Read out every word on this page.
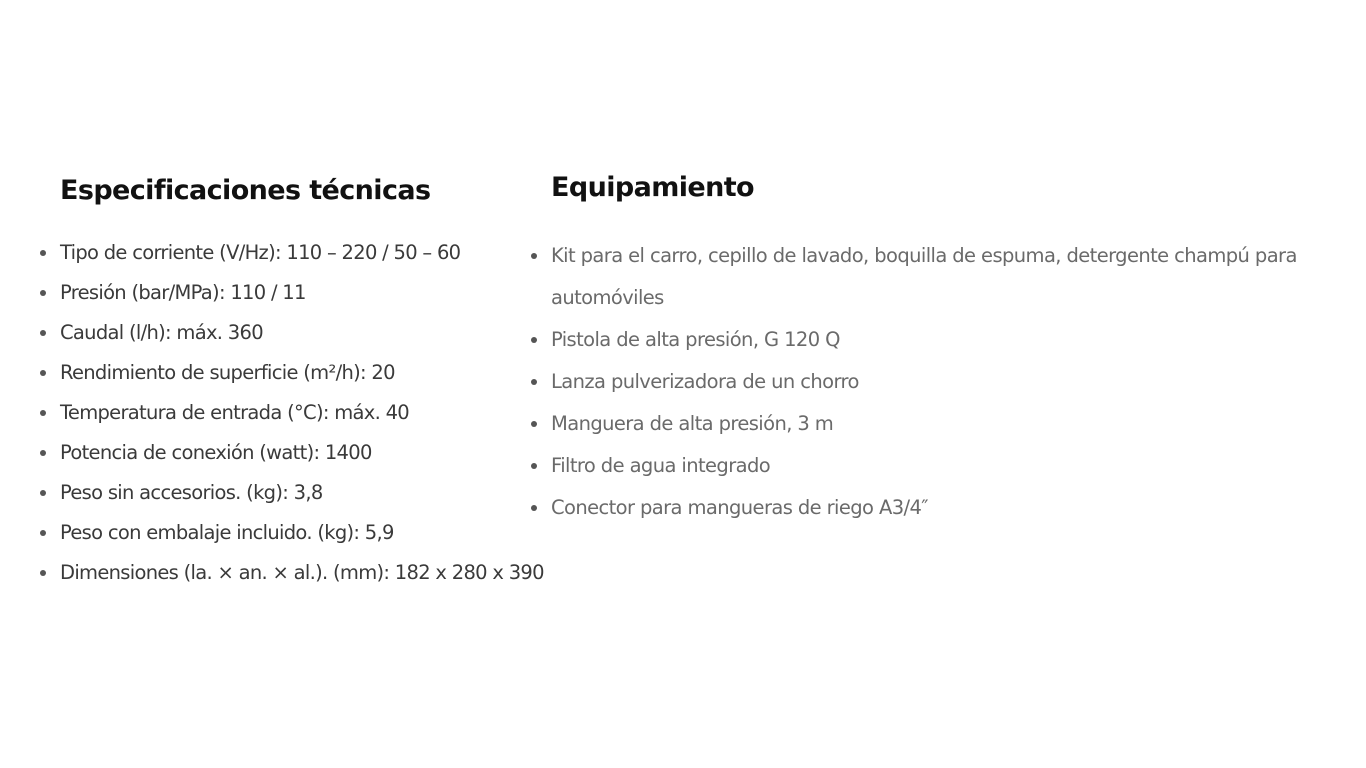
Especificaciones técnicas
Tipo de corriente (V/Hz): 110 – 220 / 50 – 60
Presión (bar/MPa): 110 / 11
Caudal (l/h): máx. 360
Rendimiento de superficie (m²/h): 20
Temperatura de entrada (°C): máx. 40
Potencia de conexión (watt): 1400
Peso sin accesorios. (kg): 3,8
Peso con embalaje incluido. (kg): 5,9
Dimensiones (la. × an. × al.). (mm): 182 x 280 x 390
Equipamiento
Kit para el carro, cepillo de lavado, boquilla de espuma, detergente champú para automóviles
Pistola de alta presión, G 120 Q
Lanza pulverizadora de un chorro
Manguera de alta presión, 3 m
Filtro de agua integrado
Conector para mangueras de riego A3/4″
